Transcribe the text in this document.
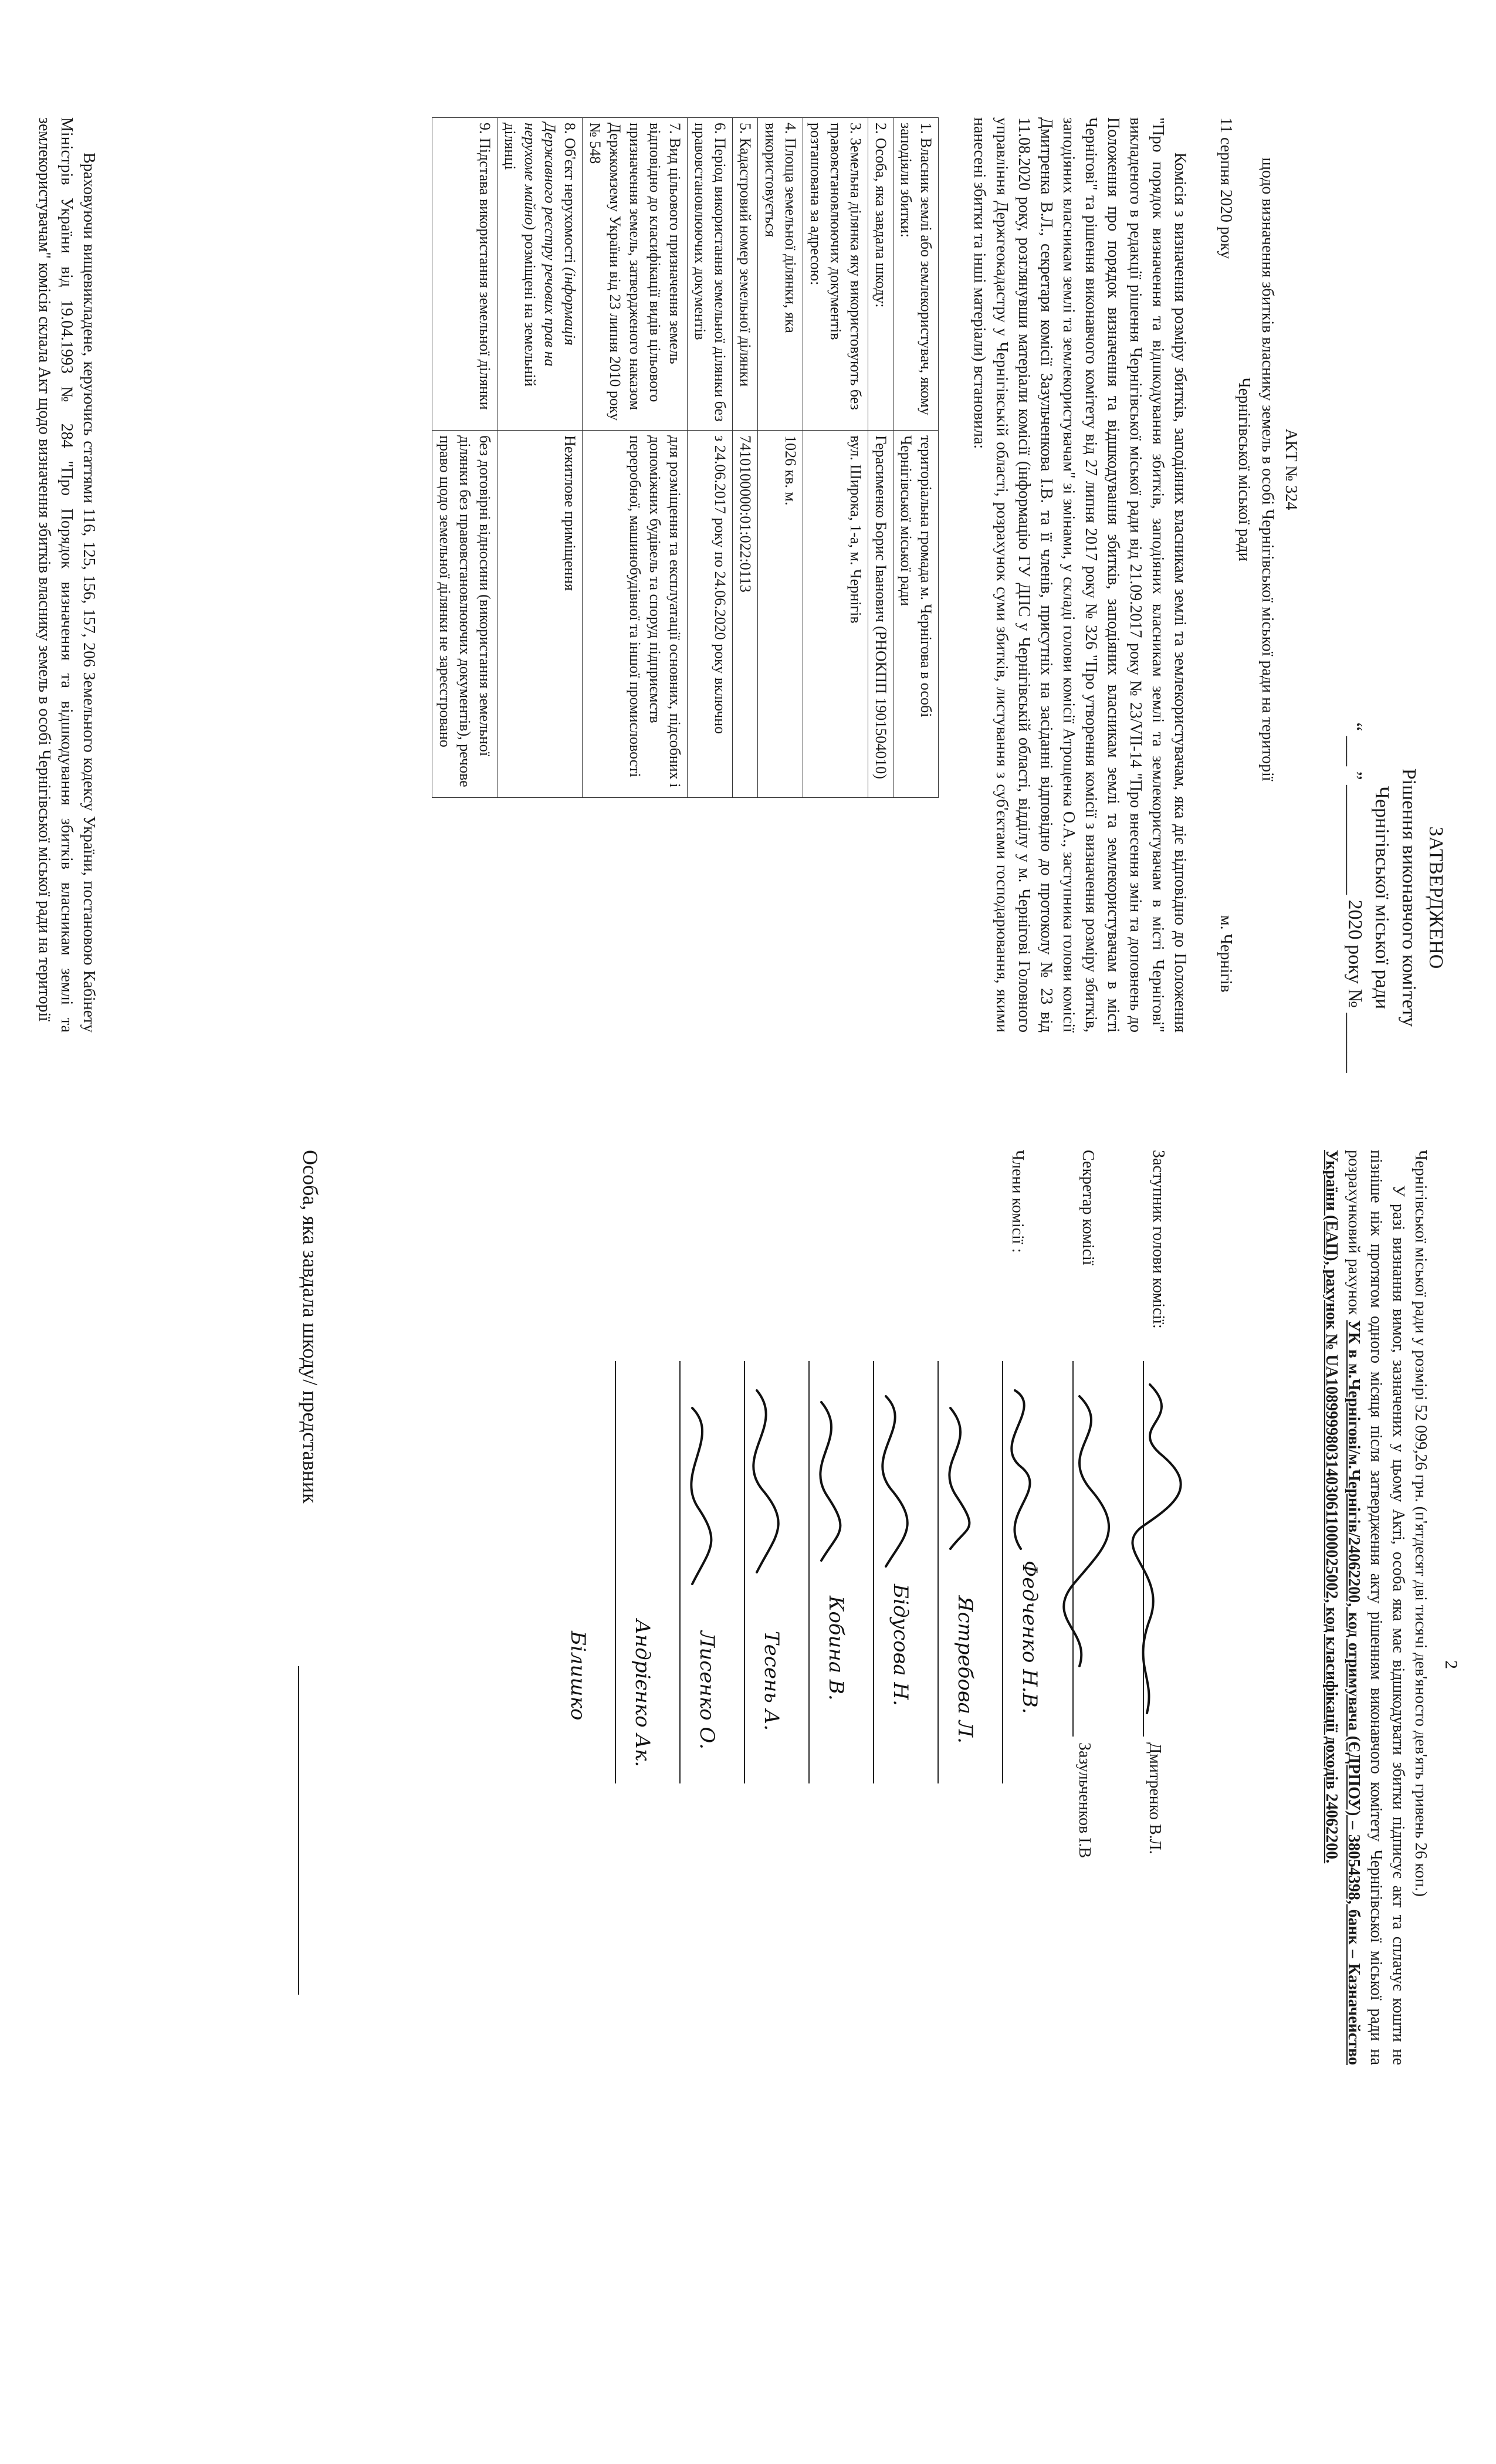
ЗАТВЕРДЖЕНО
Рішення виконавчого комітету
Чернігівської міської ради
“ ___ ” ___________ 2020 року № ______
АКТ № 324
щодо визначення збитків власнику земель в особі Чернігівської міської ради на території
Чернігівської міської ради
11 серпня 2020 року
м. Чернігів

Комісія з визначення розміру збитків, заподіяних власникам землі та землекористувачам, яка діє відповідно до Положення "Про порядок визначення та відшкодування збитків, заподіяних власникам землі та землекористувачам в місті Чернігові" викладеного в редакції рішення Чернігівської міської ради від 21.09.2017 року № 23/VII-14 "Про внесення змін та доповнень до Положення про порядок визначення та відшкодування збитків, заподіяних власникам землі та землекористувачам в місті Чернігові" та рішення виконавчого комітету від 27 липня 2017 року № 326 "Про утворення комісії з визначення розміру збитків, заподіяних власникам землі та землекористувачам" зі змінами, у складі голови комісії Атрощенка О.А., заступника голови комісії Дмитренка В.Л., секретаря комісії Зазульченкова І.В. та її членів, присутніх на засіданні відповідно до протоколу № 23 від 11.08.2020 року, розглянувши матеріали комісії (інформацію ГУ ДПС у Чернігівській області, відділу у м. Чернігові Головного управління Держгеокадастру у Чернігівській області, розрахунок суми збитків, листування з суб'єктами господарювання, якими нанесені збитки та інші матеріали) встановила:

1. Власник землі або землекористувач, якому заподіяли збитки:	територіальна громада м. Чернігова в особі Чернігівської міської ради
2. Особа, яка завдала шкоду:	Герасименко Борис Іванович (РНОКПП 1901504010)
3. Земельна ділянка яку використовують без правовстановлюючих документів розташована за адресою:	вул. Широка, 1-а, м. Чернігів
4. Площа земельної ділянки, яка використовується	1026 кв. м.
5. Кадастровий номер земельної ділянки	7410100000:01:022:0113
6. Період використання земельної ділянки без правовстановлюючих документів	з 24.06.2017 року по 24.06.2020 року включно
7. Вид цільового призначення земель відповідно до класифікації видів цільового призначення земель, затвердженого наказом Держкомзему України від 23 липня 2010 року № 548	для розміщення та експлуатації основних, підсобних і допоміжних будівель та споруд підприємств переробної, машинобудівної та іншої промисловості
8. Об'єкт нерухомості (інформація Державного реєстру речових прав на нерухоме майно) розміщені на земельній ділянці	Нежитлове приміщення
9. Підстава використання земельної ділянки	без договірні відносини (використання земельної ділянки без правовстановлюючих документів), речове право щодо земельної ділянки не зареєстровано

Враховуючи вищевикладене, керуючись статтями 116, 125, 156, 157, 206 Земельного кодексу України, постановою Кабінету Міністрів України від 19.04.1993 № 284 "Про Порядок визначення та відшкодування збитків власникам землі та землекористувачам" комісія склала Акт щодо визначення збитків власнику земель в особі Чернігівської міської ради на території

2

Чернігівської міської ради у розмірі 52 099,26 грн. (п'ятдесят дві тисячі дев'яносто дев'ять гривень 26 коп.)

У разі визнання вимог, зазначених у цьому Акті, особа яка має відшкодувати збитки підписує акт та сплачує кошти не пізніше ніж протягом одного місяця після затвердження акту рішенням виконавчого комітету Чернігівської міської ради на розрахунковий рахунок УК в м.Чернігові/м.Чернігів/24062200, код отримувача (ЄДРПОУ) – 38054398, банк – Казначейство України (ЕАП), рахунок № UA108999980314030611000025002, код класифікації доходів 24062200.

Заступник голови комісії:
Секретар комісії
Члени комісії :
Дмитренко В.Л.
Зазульченков І.В
Федченко Н.В.
Ястребова Л.
Бідусова Н.
Кобина В.
Тесень А.
Лисенко О.
Андрієнко Ак.
Білишко
Особа, яка завдала шкоду/ представник
